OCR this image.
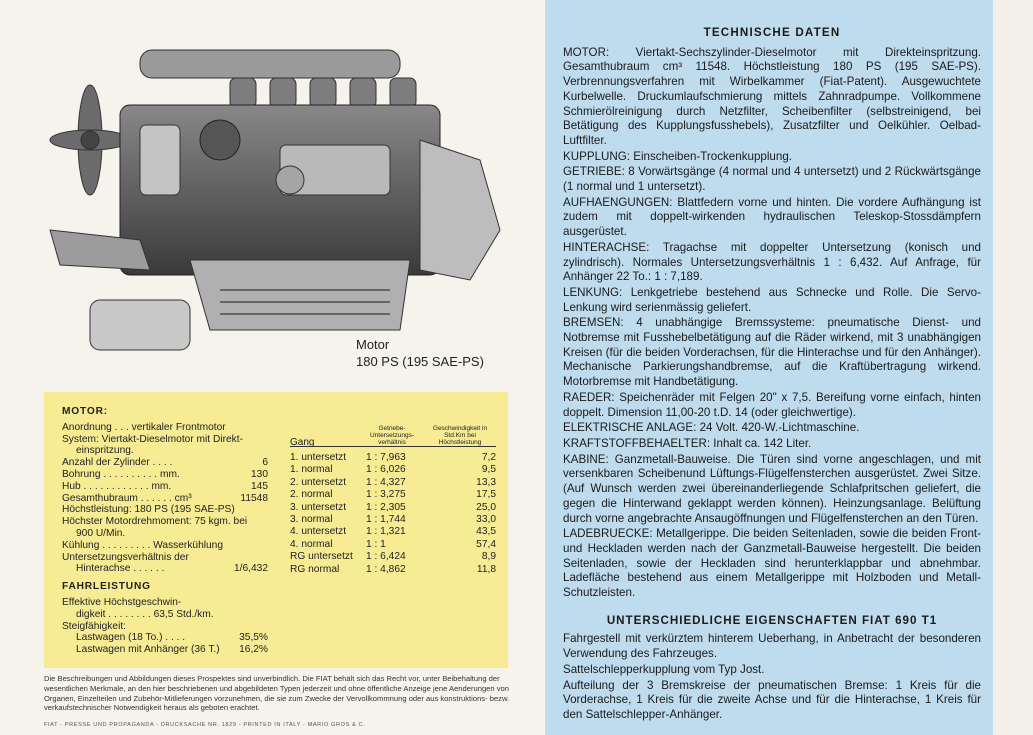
Motor
180 PS (195 SAE-PS)
MOTOR:
Anordnung . . . vertikaler Frontmotor
System: Viertakt-Dieselmotor mit Direkt-
einspritzung.
Anzahl der Zylinder . . . .	6
Bohrung . . . . . . . . . . mm.	130
Hub . . . . . . . . . . . . mm.	145
Gesamthubraum . . . . . . cm³	11548
Höchstleistung: 180 PS (195 SAE-PS)
Höchster Motordrehmoment: 75 kgm. bei
900 U/Min.
Kühlung . . . . . . . . . Wasserkühlung
Untersetzungsverhältnis der
Hinterachse . . . . . .	1/6,432
FAHRLEISTUNG
Effektive Höchstgeschwin-
digkeit . . . . . . . . 63,5 Std./km.
Steigfähigkeit:
Lastwagen (18 To.) . . . .	35,5%
Lastwagen mit Anhänger (36 T.) 16,2%
Gang
Getriebe-Untersetzungs-verhältnis
Geschwindigkeit in Std.Km bei Höchstleistung
1. untersetzt	1 : 7,963	7,2
1. normal	1 : 6,026	9,5
2. untersetzt	1 : 4,327	13,3
2. normal	1 : 3,275	17,5
3. untersetzt	1 : 2,305	25,0
3. normal	1 : 1,744	33,0
4. untersetzt	1 : 1,321	43,5
4. normal	1 : 1	57,4
RG untersetzt	1 : 6,424	8,9
RG normal	1 : 4,862	11,8
Die Beschreibungen und Abbildungen dieses Prospektes sind unverbindlich. Die FIAT behält sich das Recht vor, unter Beibehaltung der wesentlichen Merkmale, an den hier beschriebenen und abgebildeten Typen jederzeit und ohne öffentliche Anzeige jene Aenderungen von Organen, Einzelteilen und Zubehör-Mitlieferungen vorzunehmen, die sie zum Zwecke der Vervollkommnung oder aus konstruktions- bezw. verkaufstechnischer Notwendigkeit heraus als geboten erachtet.
FIAT - PRESSE UND PROPAGANDA - DRUCKSACHE NR. 1829 - PRINTED IN ITALY - MARIO GROS & C.
TECHNISCHE DATEN

MOTOR: Viertakt-Sechszylinder-Dieselmotor mit Direkteinspritzung. Gesamthubraum cm³ 11548. Höchstleistung 180 PS (195 SAE-PS). Verbrennungsverfahren mit Wirbelkammer (Fiat-Patent). Ausgewuchtete Kurbelwelle. Druckumlaufschmierung mittels Zahnradpumpe. Vollkommene Schmierölreinigung durch Netzfilter, Scheibenfilter (selbstreinigend, bei Betätigung des Kupplungsfusshebels), Zusatzfilter und Oelkühler. Oelbad-Luftfilter.

KUPPLUNG: Einscheiben-Trockenkupplung.

GETRIEBE: 8 Vorwärtsgänge (4 normal und 4 untersetzt) und 2 Rückwärtsgänge (1 normal und 1 untersetzt).

AUFHAENGUNGEN: Blattfedern vorne und hinten. Die vordere Aufhängung ist zudem mit doppelt-wirkenden hydraulischen Teleskop-Stossdämpfern ausgerüstet.

HINTERACHSE: Tragachse mit doppelter Untersetzung (konisch und zylindrisch). Normales Untersetzungsverhältnis 1 : 6,432. Auf Anfrage, für Anhänger 22 To.: 1 : 7,189.

LENKUNG: Lenkgetriebe bestehend aus Schnecke und Rolle. Die Servo-Lenkung wird serienmässig geliefert.

BREMSEN: 4 unabhängige Bremssysteme: pneumatische Dienst- und Notbremse mit Fusshebelbetätigung auf die Räder wirkend, mit 3 unabhängigen Kreisen (für die beiden Vorderachsen, für die Hinterachse und für den Anhänger). Mechanische Parkierungshandbremse, auf die Kraftübertragung wirkend. Motorbremse mit Handbetätigung.

RAEDER: Speichenräder mit Felgen 20" x 7,5. Bereifung vorne einfach, hinten doppelt. Dimension 11,00-20 t.D. 14 (oder gleichwertige).

ELEKTRISCHE ANLAGE: 24 Volt. 420-W.-Lichtmaschine.

KRAFTSTOFFBEHAELTER: Inhalt ca. 142 Liter.

KABINE: Ganzmetall-Bauweise. Die Türen sind vorne angeschlagen, und mit versenkbaren Scheibenund Lüftungs-Flügelfensterchen ausgerüstet. Zwei Sitze. (Auf Wunsch werden zwei übereinanderliegende Schlafpritschen geliefert, die gegen die Hinterwand geklappt werden können). Heinzungsanlage. Belüftung durch vorne angebrachte Ansaugöffnungen und Flügelfensterchen an den Türen.

LADEBRUECKE: Metallgerippe. Die beiden Seitenladen, sowie die beiden Front- und Heckladen werden nach der Ganzmetall-Bauweise hergestellt. Die beiden Seitenladen, sowie der Heckladen sind herunterklappbar und abnehmbar. Ladefläche bestehend aus einem Metallgerippe mit Holzboden und Metall-Schutzleisten.

UNTERSCHIEDLICHE EIGENSCHAFTEN FIAT 690 T1

Fahrgestell mit verkürztem hinterem Ueberhang, in Anbetracht der besonderen Verwendung des Fahrzeuges.

Sattelschlepperkupplung vom Typ Jost.

Aufteilung der 3 Bremskreise der pneumatischen Bremse: 1 Kreis für die Vorderachse, 1 Kreis für die zweite Achse und für die Hinterachse, 1 Kreis für den Sattelschlepper-Anhänger.
